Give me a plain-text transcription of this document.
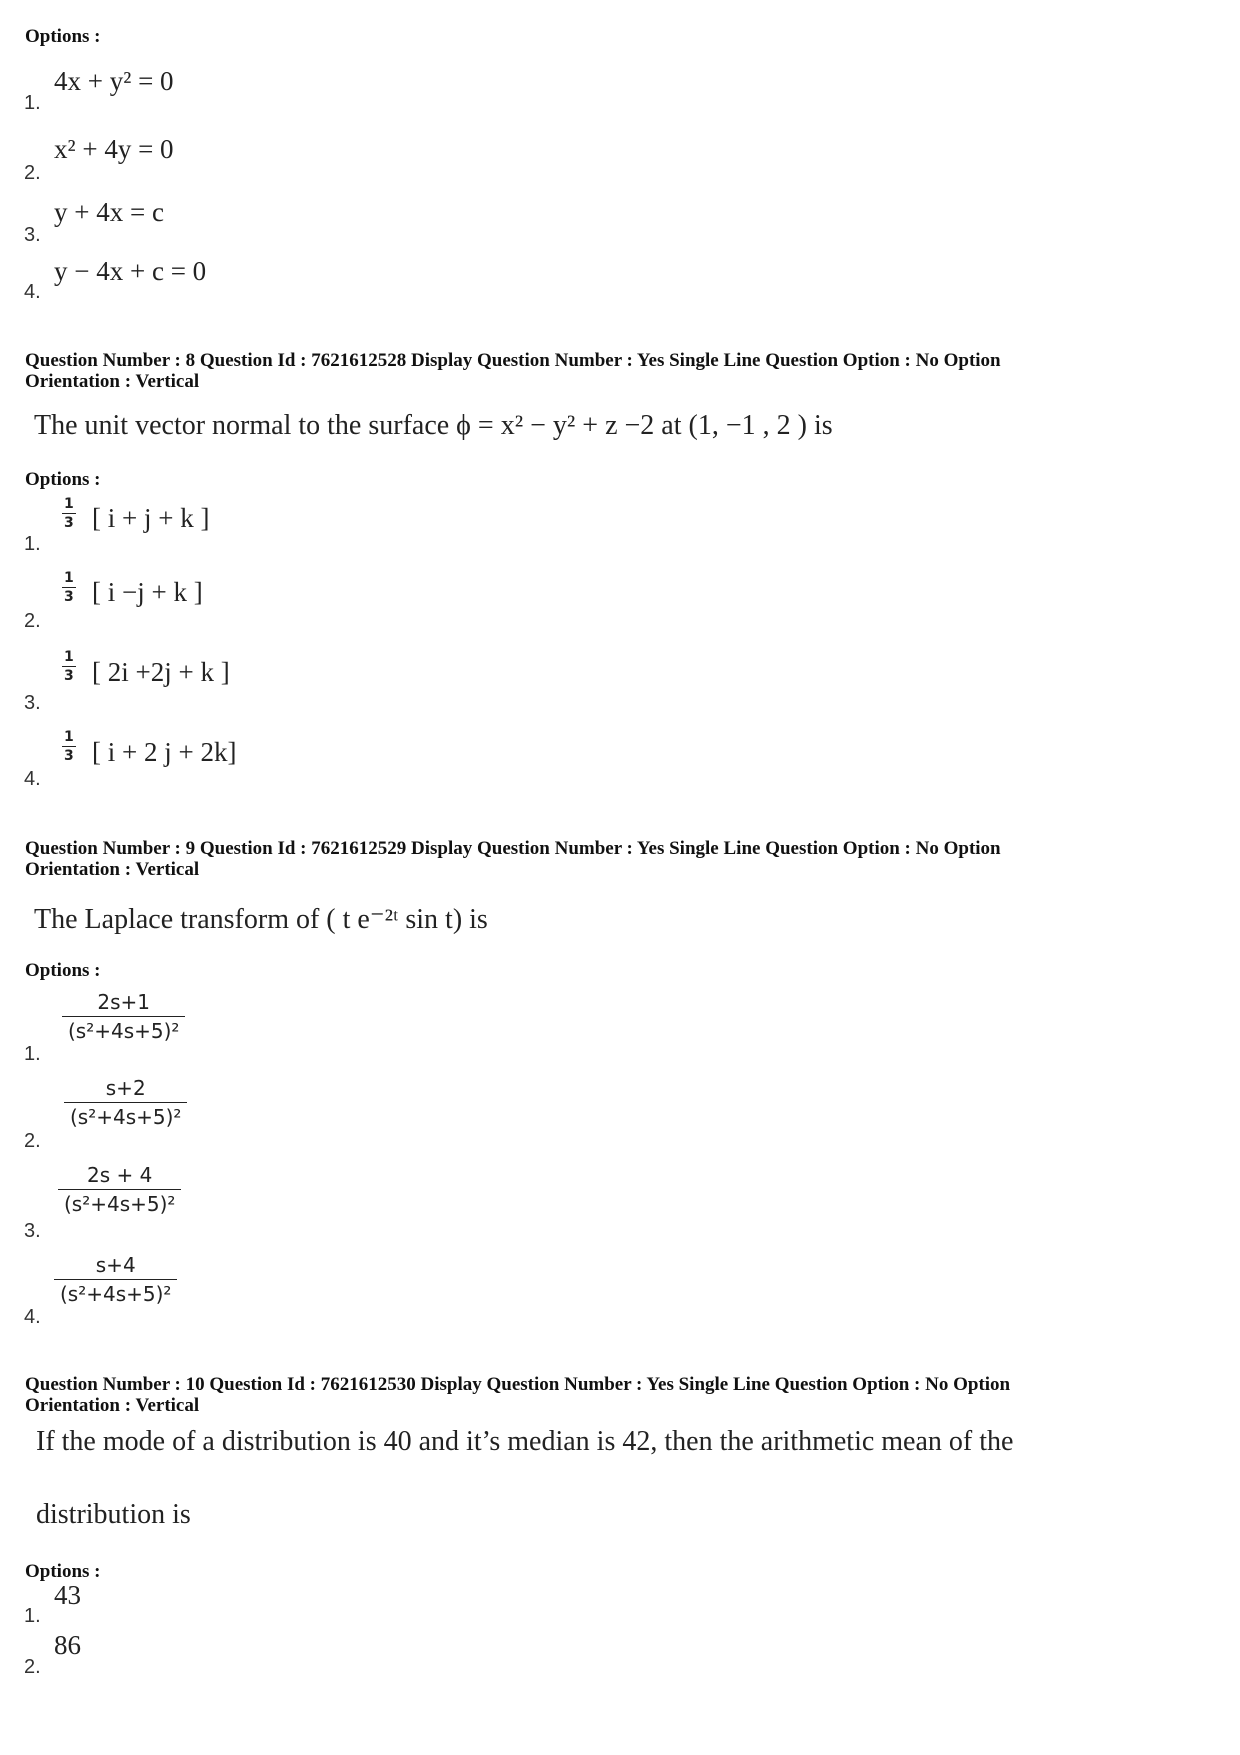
Options :
1.
4x + y² = 0
2.
x² + 4y = 0
3.
y + 4x = c
4.
y − 4x + c = 0
Question Number : 8 Question Id : 7621612528 Display Question Number : Yes Single Line Question Option : No Option
Orientation : Vertical
The unit vector normal to the surface ϕ = x² − y² + z −2 at (1, −1 , 2 ) is
Options :
1.
1
3 [ i + j + k ]
2.
1
3 [ i −j + k ]
3.
1
3 [ 2i +2j + k ]
4.
1
3 [ i + 2 j + 2k]
Question Number : 9 Question Id : 7621612529 Display Question Number : Yes Single Line Question Option : No Option
Orientation : Vertical
The Laplace transform of ( t e⁻²ᵗ sin t) is
Options :
1.
$\frac{2s+1}{\text{(s²+4s+5)²}}$
2.
$\frac{s+2}{\text{(s²+4s+5)²}}$
3.
$\frac{2s + 4}{\text{(s²+4s+5)²}}$
4.
$\frac{s+4}{\text{(s²+4s+5)²}}$
Question Number : 10 Question Id : 7621612530 Display Question Number : Yes Single Line Question Option : No Option
Orientation : Vertical
If the mode of a distribution is 40 and it’s median is 42, then the arithmetic mean of the
distribution is
Options :
1.
43
2.
86
